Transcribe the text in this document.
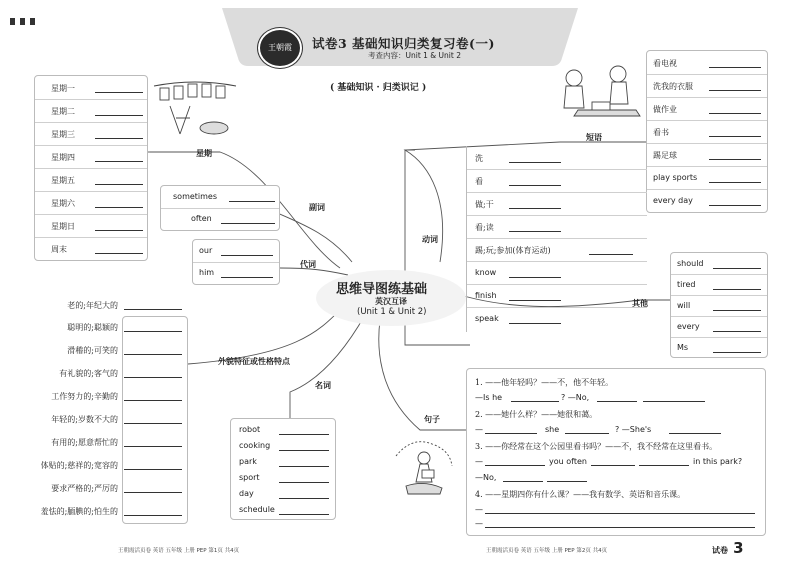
王朝霞	试卷3 基础知识归类复习卷(一)
考查内容：Unit 1 & Unit 2
( 基础知识 · 归类识记 )
星期一
星期二
星期三
星期四
星期五
星期六
星期日
周末
星期
sometimes
often
副词
our
him
代词
老的;年纪大的
聪明的;聪颖的
滑稽的;可笑的
有礼貌的;客气的
工作努力的;辛勤的
年轻的;岁数不大的
有用的;愿意帮忙的
体贴的;慈祥的;宽容的
要求严格的;严厉的
羞怯的;腼腆的;怕生的
外貌特征或性格特点
名词
robot
cooking
park
sport
day
schedule
思维导图练基础
英汉互译
(Unit 1 & Unit 2)
短语
看电视
洗我的衣服
做作业
看书
踢足球
play sports
every day
动词
洗
看
做;干
看;读
踢;玩;参加(体育运动)
know
finish
speak
其他
should
tired
will
every
Ms
句子
1. ——他年轻吗？——不，他不年轻。
—Is he	? —No,
2. ——她什么样？——她很和蔼。
—	she	? —She's
3. ——你经常在这个公园里看书吗？——不，我不经常在这里看书。
—	you often	in this park?
—No,
4. ——星期四你有什么课？——我有数学、英语和音乐课。
—
—
王朝霞活页卷 英语 五年级 上册 PEP 第1页 共4页	王朝霞活页卷 英语 五年级 上册 PEP 第2页 共4页	试卷 3
